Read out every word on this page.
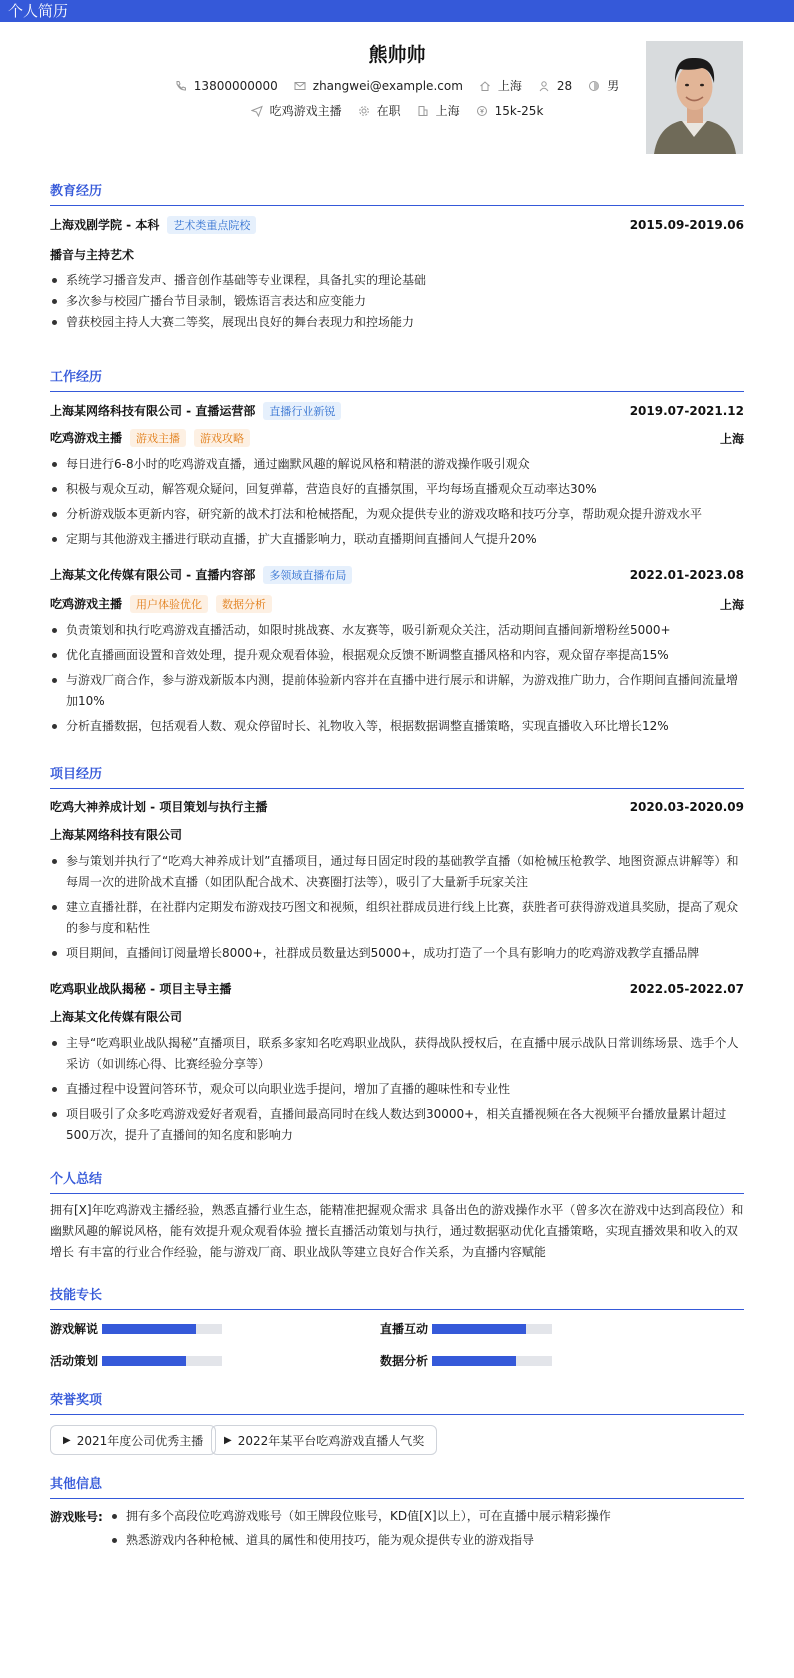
个人简历
熊帅帅
13800000000	zhangwei@example.com	上海	28	男
吃鸡游戏主播	在职	上海	15k-25k
教育经历
上海戏剧学院 - 本科 艺术类重点院校	2015.09-2019.06
播音与主持艺术
系统学习播音发声、播音创作基础等专业课程，具备扎实的理论基础
多次参与校园广播台节目录制，锻炼语言表达和应变能力
曾获校园主持人大赛二等奖，展现出良好的舞台表现力和控场能力
工作经历
上海某网络科技有限公司 - 直播运营部 直播行业新锐	2019.07-2021.12
吃鸡游戏主播 游戏主播 游戏攻略	上海
每日进行6-8小时的吃鸡游戏直播，通过幽默风趣的解说风格和精湛的游戏操作吸引观众
积极与观众互动，解答观众疑问，回复弹幕，营造良好的直播氛围，平均每场直播观众互动率达30%
分析游戏版本更新内容，研究新的战术打法和枪械搭配，为观众提供专业的游戏攻略和技巧分享，帮助观众提升游戏水平
定期与其他游戏主播进行联动直播，扩大直播影响力，联动直播期间直播间人气提升20%
上海某文化传媒有限公司 - 直播内容部 多领域直播布局	2022.01-2023.08
吃鸡游戏主播 用户体验优化 数据分析	上海
负责策划和执行吃鸡游戏直播活动，如限时挑战赛、水友赛等，吸引新观众关注，活动期间直播间新增粉丝5000+
优化直播画面设置和音效处理，提升观众观看体验，根据观众反馈不断调整直播风格和内容，观众留存率提高15%
与游戏厂商合作，参与游戏新版本内测，提前体验新内容并在直播中进行展示和讲解，为游戏推广助力，合作期间直播间流量增加10%
分析直播数据，包括观看人数、观众停留时长、礼物收入等，根据数据调整直播策略，实现直播收入环比增长12%
项目经历
吃鸡大神养成计划 - 项目策划与执行主播	2020.03-2020.09
上海某网络科技有限公司
参与策划并执行了“吃鸡大神养成计划”直播项目，通过每日固定时段的基础教学直播（如枪械压枪教学、地图资源点讲解等）和每周一次的进阶战术直播（如团队配合战术、决赛圈打法等），吸引了大量新手玩家关注
建立直播社群，在社群内定期发布游戏技巧图文和视频，组织社群成员进行线上比赛，获胜者可获得游戏道具奖励，提高了观众的参与度和粘性
项目期间，直播间订阅量增长8000+，社群成员数量达到5000+，成功打造了一个具有影响力的吃鸡游戏教学直播品牌
吃鸡职业战队揭秘 - 项目主导主播	2022.05-2022.07
上海某文化传媒有限公司
主导“吃鸡职业战队揭秘”直播项目，联系多家知名吃鸡职业战队，获得战队授权后，在直播中展示战队日常训练场景、选手个人采访（如训练心得、比赛经验分享等）
直播过程中设置问答环节，观众可以向职业选手提问，增加了直播的趣味性和专业性
项目吸引了众多吃鸡游戏爱好者观看，直播间最高同时在线人数达到30000+，相关直播视频在各大视频平台播放量累计超过500万次，提升了直播间的知名度和影响力
个人总结
拥有[X]年吃鸡游戏主播经验，熟悉直播行业生态，能精准把握观众需求 具备出色的游戏操作水平（曾多次在游戏中达到高段位）和幽默风趣的解说风格，能有效提升观众观看体验 擅长直播活动策划与执行，通过数据驱动优化直播策略，实现直播效果和收入的双增长 有丰富的行业合作经验，能与游戏厂商、职业战队等建立良好合作关系，为直播内容赋能
技能专长
游戏解说	直播互动
活动策划	数据分析
荣誉奖项
▶ 2021年度公司优秀主播 ▶ 2022年某平台吃鸡游戏直播人气奖
其他信息
游戏账号:	拥有多个高段位吃鸡游戏账号（如王牌段位账号，KD值[X]以上），可在直播中展示精彩操作
熟悉游戏内各种枪械、道具的属性和使用技巧，能为观众提供专业的游戏指导
